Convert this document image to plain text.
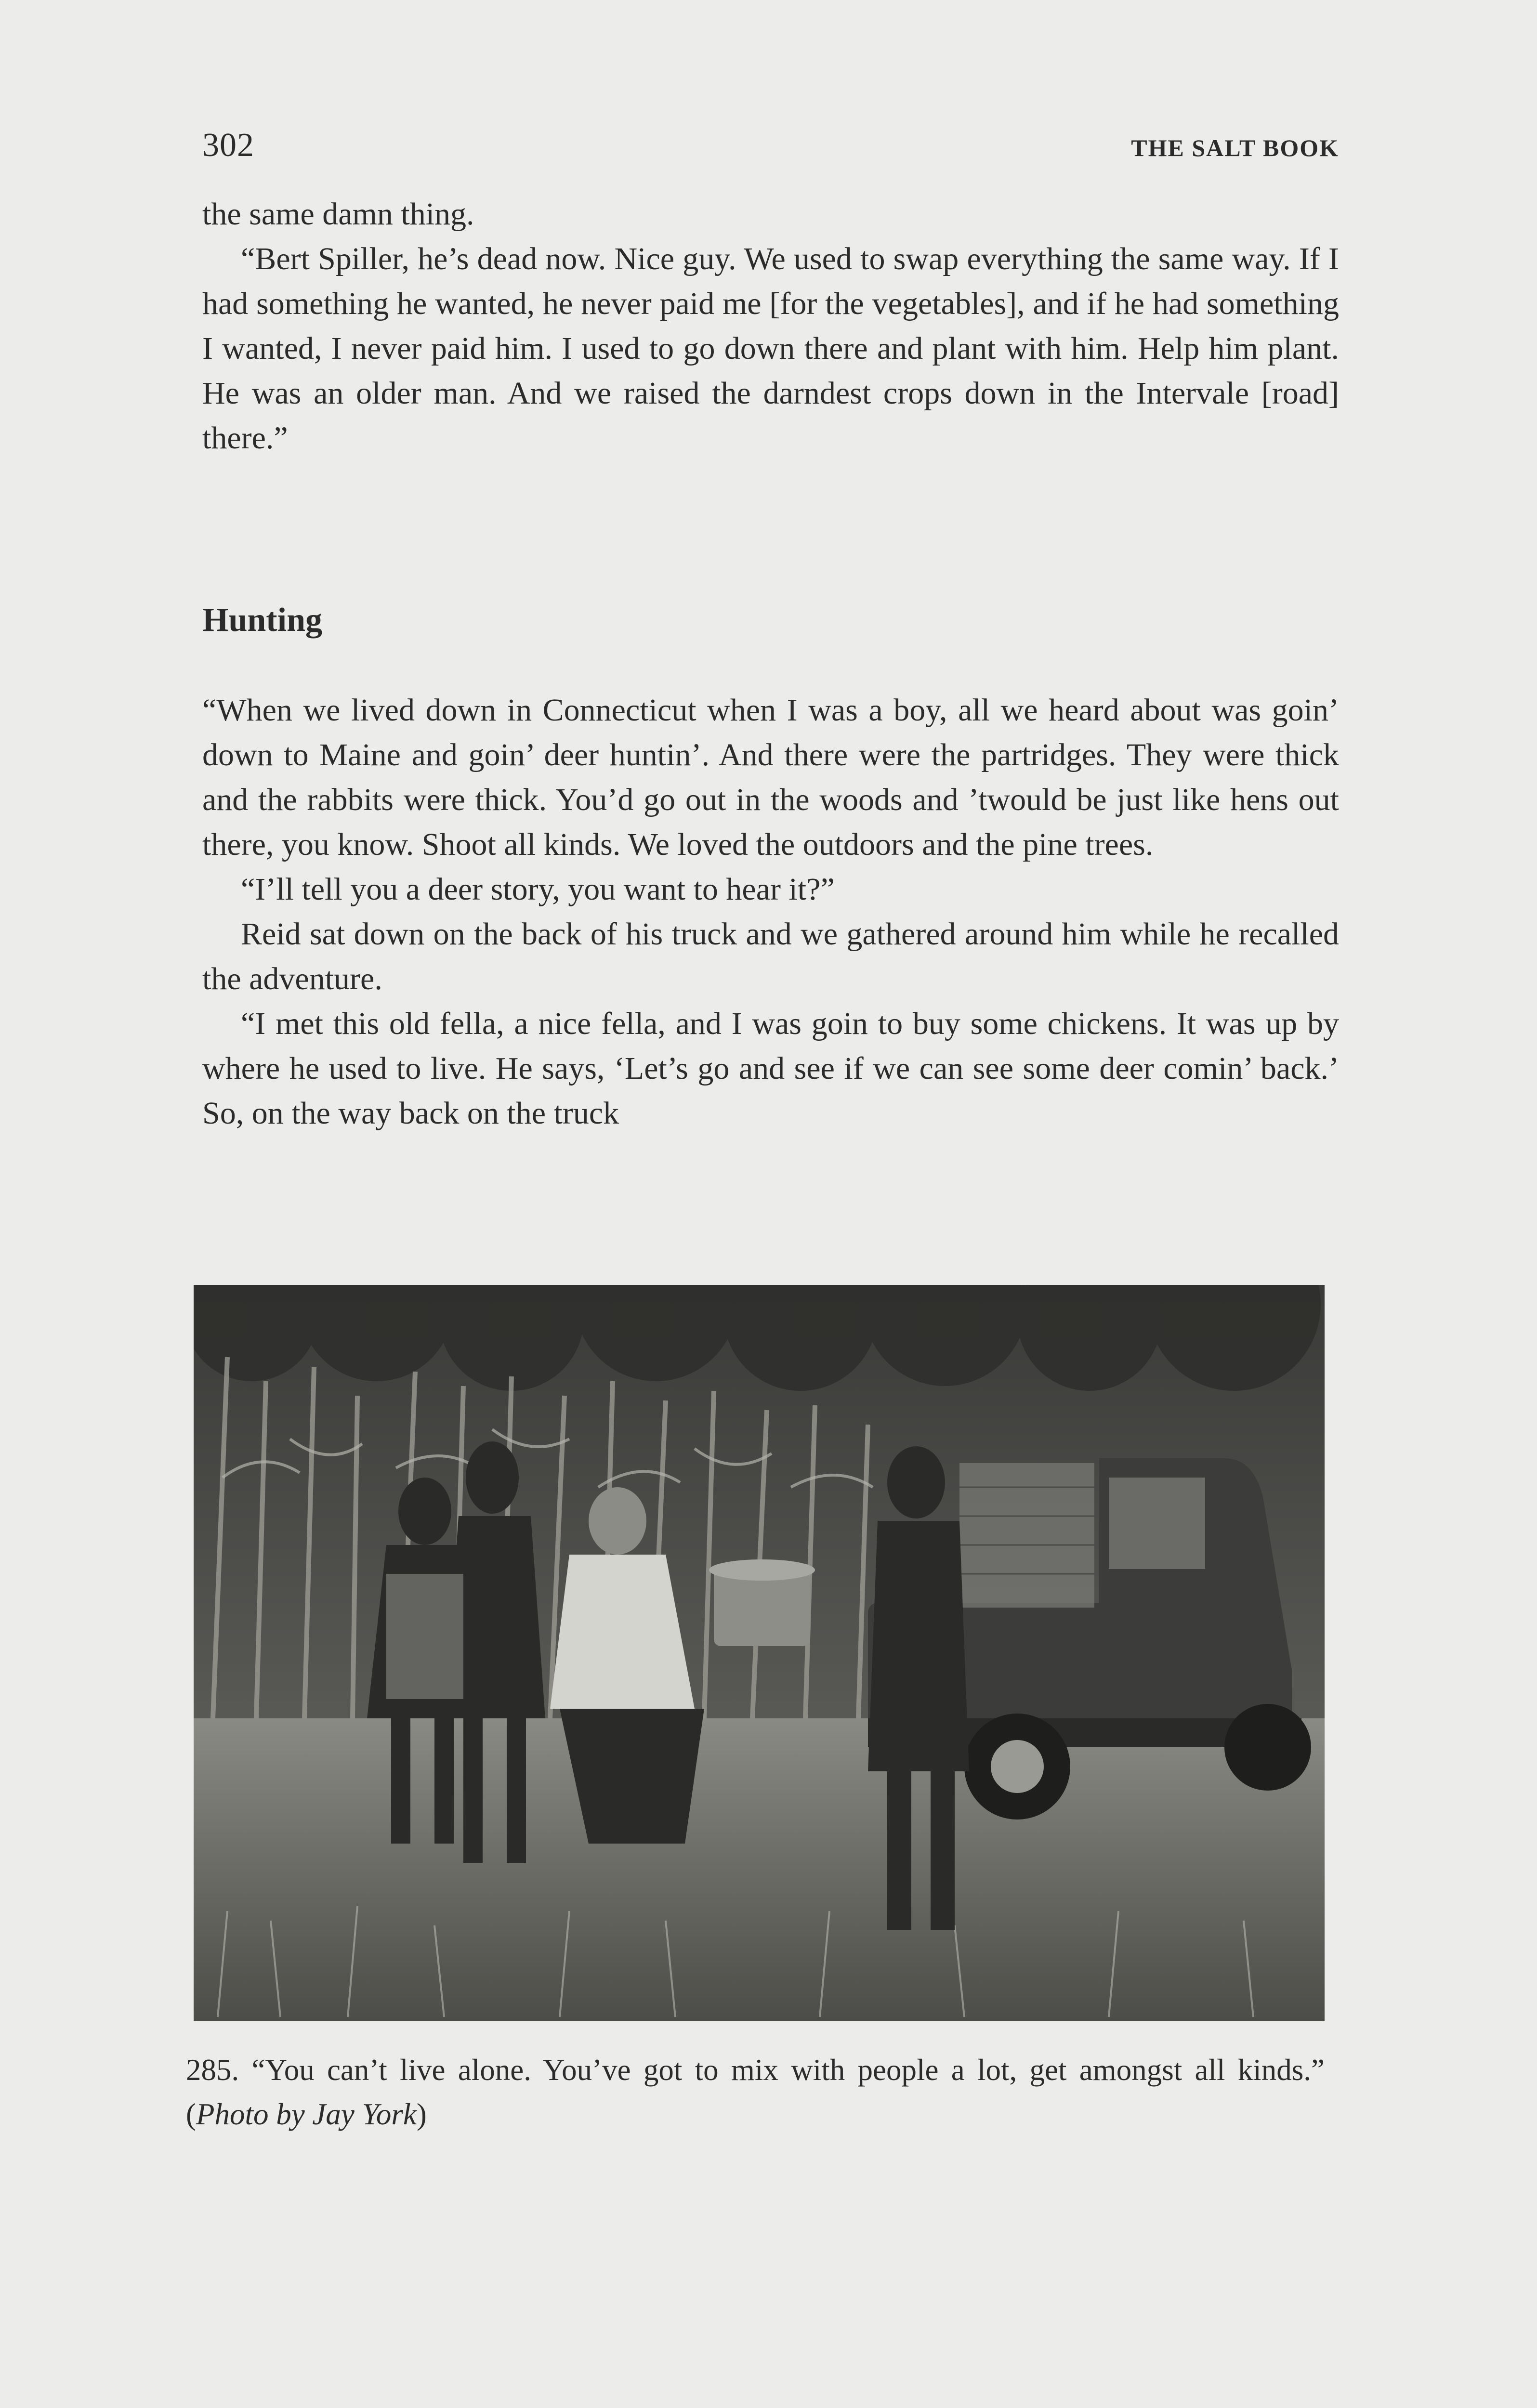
302	THE SALT BOOK

the same damn thing.

“Bert Spiller, he’s dead now. Nice guy. We used to swap everything the same way. If I had something he wanted, he never paid me [for the vegetables], and if he had something I wanted, I never paid him. I used to go down there and plant with him. Help him plant. He was an older man. And we raised the darndest crops down in the Intervale [road] there.”

Hunting

“When we lived down in Connecticut when I was a boy, all we heard about was goin’ down to Maine and goin’ deer huntin’. And there were the partridges. They were thick and the rabbits were thick. You’d go out in the woods and ’twould be just like hens out there, you know. Shoot all kinds. We loved the outdoors and the pine trees.

“I’ll tell you a deer story, you want to hear it?”

Reid sat down on the back of his truck and we gathered around him while he recalled the adventure.

“I met this old fella, a nice fella, and I was goin to buy some chickens. It was up by where he used to live. He says, ‘Let’s go and see if we can see some deer comin’ back.’ So, on the way back on the truck

285. “You can’t live alone. You’ve got to mix with people a lot, get amongst all kinds.” (Photo by Jay York)
